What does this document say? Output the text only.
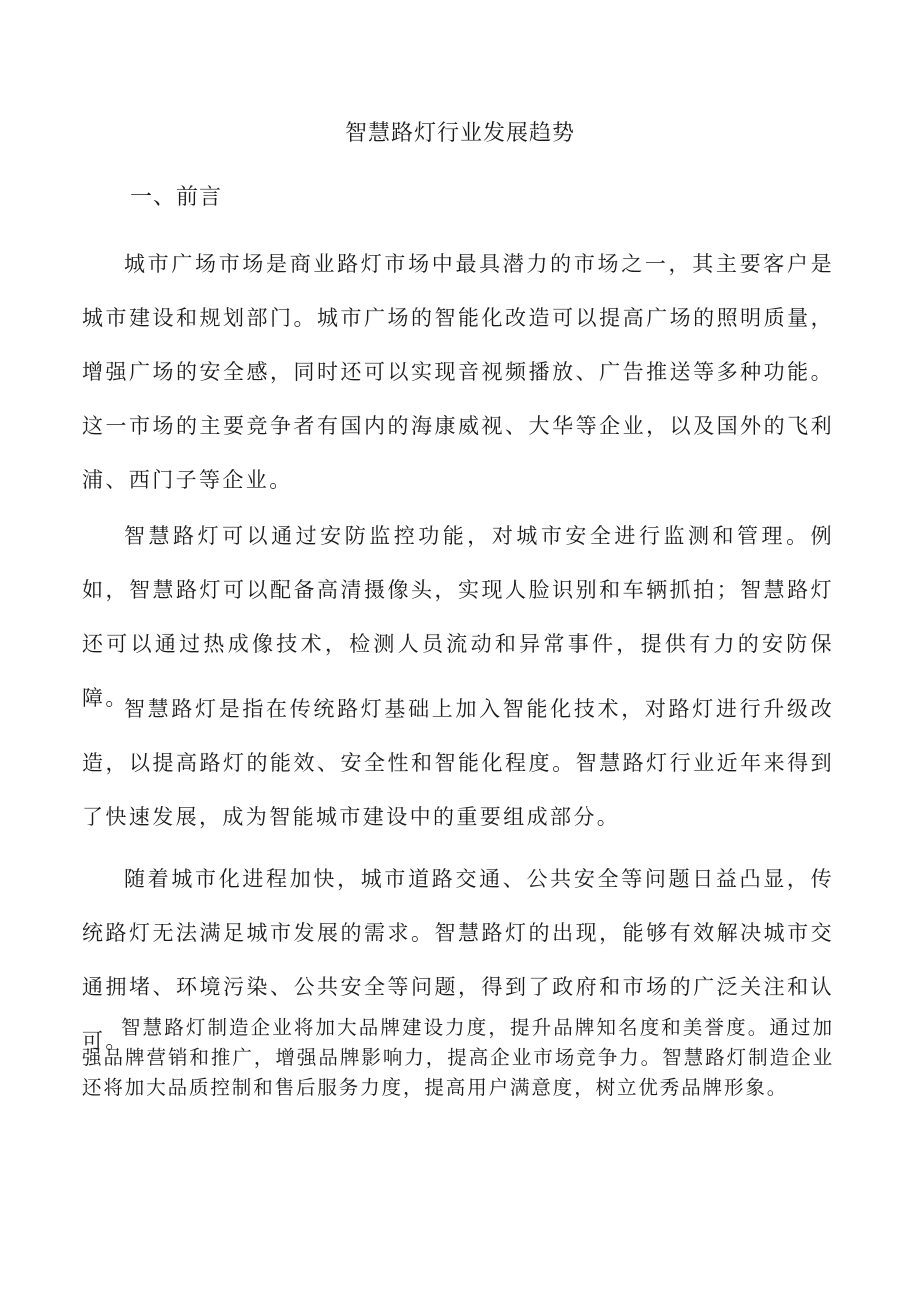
智慧路灯行业发展趋势
一、前言

城市广场市场是商业路灯市场中最具潜力的市场之一，其主要客户是城市建设和规划部门。城市广场的智能化改造可以提高广场的照明质量，增强广场的安全感，同时还可以实现音视频播放、广告推送等多种功能。这一市场的主要竞争者有国内的海康威视、大华等企业，以及国外的飞利浦、西门子等企业。

智慧路灯可以通过安防监控功能，对城市安全进行监测和管理。例如，智慧路灯可以配备高清摄像头，实现人脸识别和车辆抓拍；智慧路灯还可以通过热成像技术，检测人员流动和异常事件，提供有力的安防保障。

智慧路灯是指在传统路灯基础上加入智能化技术，对路灯进行升级改造，以提高路灯的能效、安全性和智能化程度。智慧路灯行业近年来得到了快速发展，成为智能城市建设中的重要组成部分。

随着城市化进程加快，城市道路交通、公共安全等问题日益凸显，传统路灯无法满足城市发展的需求。智慧路灯的出现，能够有效解决城市交通拥堵、环境污染、公共安全等问题，得到了政府和市场的广泛关注和认可。

智慧路灯制造企业将加大品牌建设力度，提升品牌知名度和美誉度。通过加强品牌营销和推广，增强品牌影响力，提高企业市场竞争力。智慧路灯制造企业还将加大品质控制和售后服务力度，提高用户满意度，树立优秀品牌形象。
